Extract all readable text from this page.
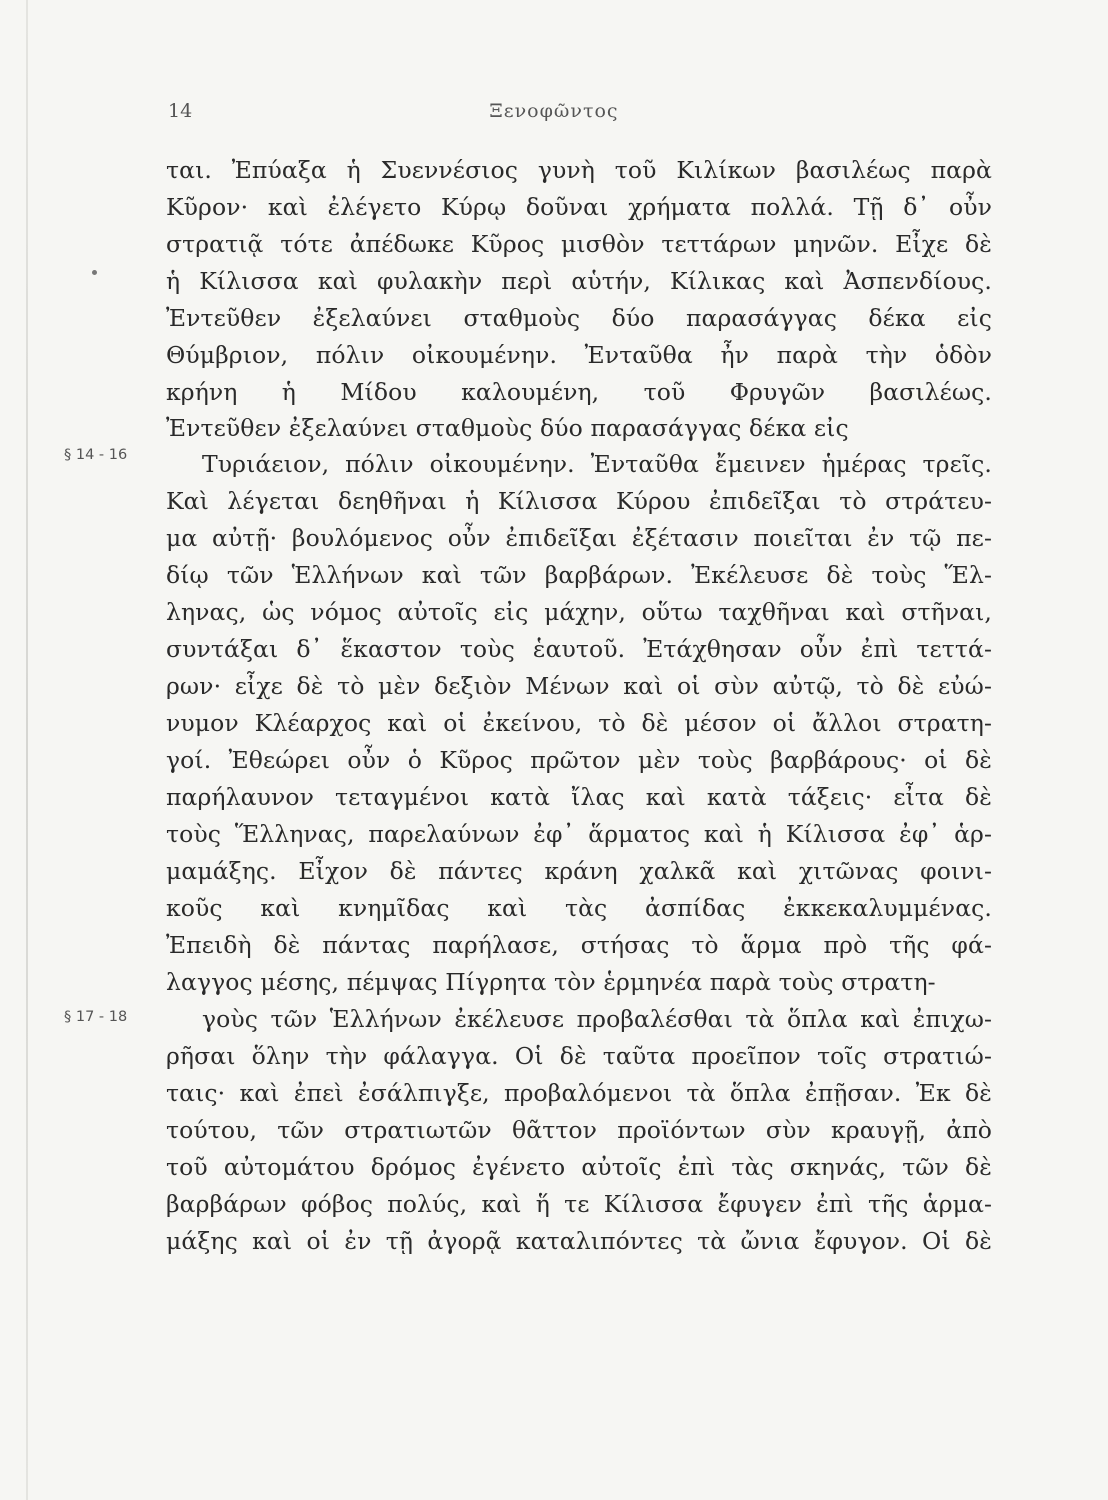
14	Ξενοφῶντος
§ 14 - 16
§ 17 - 18
ται. Ἐπύαξα ἡ Συεννέσιος γυνὴ τοῦ Κιλίκων βασιλέως παρὰ
Κῦρον· καὶ ἐλέγετο Κύρῳ δοῦναι χρήματα πολλά. Τῇ δ᾽ οὖν
στρατιᾷ τότε ἀπέδωκε Κῦρος μισθὸν τεττάρων μηνῶν. Εἶχε δὲ
ἡ Κίλισσα καὶ φυλακὴν περὶ αὑτήν, Κίλικας καὶ Ἀσπενδίους.
Ἐντεῦθεν ἐξελαύνει σταθμοὺς δύο παρασάγγας δέκα εἰς
Θύμβριον, πόλιν οἰκουμένην. Ἐνταῦθα ἦν παρὰ τὴν ὁδὸν
κρήνη ἡ Μίδου καλουμένη, τοῦ Φρυγῶν βασιλέως.
Ἐντεῦθεν ἐξελαύνει σταθμοὺς δύο παρασάγγας δέκα εἰς
Τυριάειον, πόλιν οἰκουμένην. Ἐνταῦθα ἔμεινεν ἡμέρας τρεῖς.
Καὶ λέγεται δεηθῆναι ἡ Κίλισσα Κύρου ἐπιδεῖξαι τὸ στράτευ-
μα αὐτῇ· βουλόμενος οὖν ἐπιδεῖξαι ἐξέτασιν ποιεῖται ἐν τῷ πε-
δίῳ τῶν Ἑλλήνων καὶ τῶν βαρβάρων. Ἐκέλευσε δὲ τοὺς Ἕλ-
ληνας, ὡς νόμος αὐτοῖς εἰς μάχην, οὕτω ταχθῆναι καὶ στῆναι,
συντάξαι δ᾽ ἕκαστον τοὺς ἑαυτοῦ. Ἐτάχθησαν οὖν ἐπὶ τεττά-
ρων· εἶχε δὲ τὸ μὲν δεξιὸν Μένων καὶ οἱ σὺν αὐτῷ, τὸ δὲ εὐώ-
νυμον Κλέαρχος καὶ οἱ ἐκείνου, τὸ δὲ μέσον οἱ ἄλλοι στρατη-
γοί. Ἐθεώρει οὖν ὁ Κῦρος πρῶτον μὲν τοὺς βαρβάρους· οἱ δὲ
παρήλαυνον τεταγμένοι κατὰ ἴλας καὶ κατὰ τάξεις· εἶτα δὲ
τοὺς Ἕλληνας, παρελαύνων ἐφ᾽ ἅρματος καὶ ἡ Κίλισσα ἐφ᾽ ἁρ-
μαμάξης. Εἶχον δὲ πάντες κράνη χαλκᾶ καὶ χιτῶνας φοινι-
κοῦς καὶ κνημῖδας καὶ τὰς ἀσπίδας ἐκκεκαλυμμένας.
Ἐπειδὴ δὲ πάντας παρήλασε, στήσας τὸ ἅρμα πρὸ τῆς φά-
λαγγος μέσης, πέμψας Πίγρητα τὸν ἑρμηνέα παρὰ τοὺς στρατη-
γοὺς τῶν Ἑλλήνων ἐκέλευσε προβαλέσθαι τὰ ὅπλα καὶ ἐπιχω-
ρῆσαι ὅλην τὴν φάλαγγα. Οἱ δὲ ταῦτα προεῖπον τοῖς στρατιώ-
ταις· καὶ ἐπεὶ ἐσάλπιγξε, προβαλόμενοι τὰ ὅπλα ἐπῇσαν. Ἐκ δὲ
τούτου, τῶν στρατιωτῶν θᾶττον προϊόντων σὺν κραυγῇ, ἀπὸ
τοῦ αὐτομάτου δρόμος ἐγένετο αὐτοῖς ἐπὶ τὰς σκηνάς, τῶν δὲ
βαρβάρων φόβος πολύς, καὶ ἥ τε Κίλισσα ἔφυγεν ἐπὶ τῆς ἁρμα-
μάξης καὶ οἱ ἐν τῇ ἀγορᾷ καταλιπόντες τὰ ὤνια ἔφυγον. Οἱ δὲ
